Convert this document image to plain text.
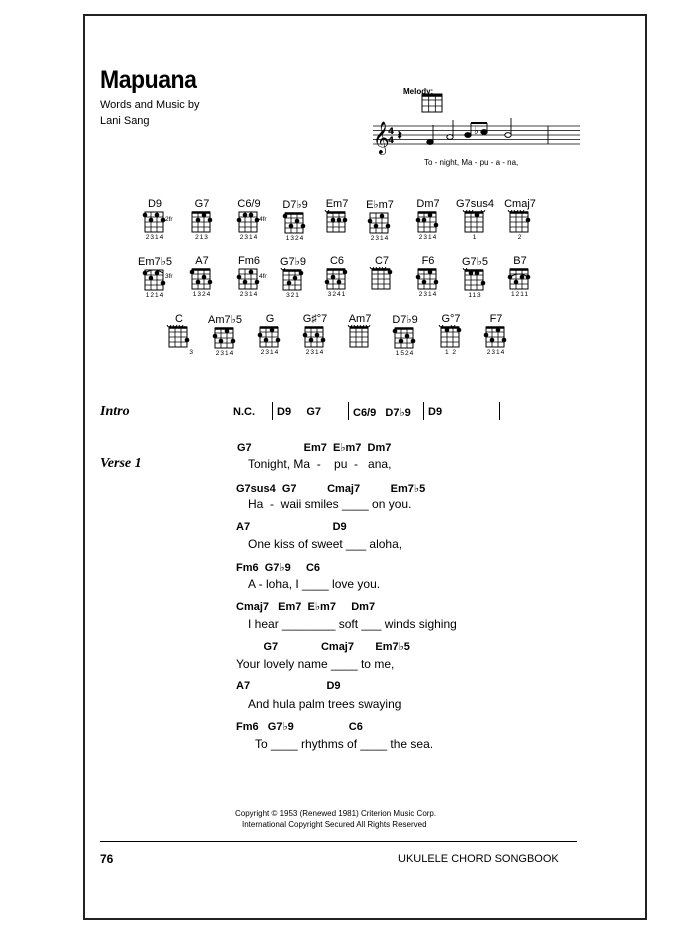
Mapuana
Words and Music by
Lani Sang
Melody:
𝄞
4
4 𝄽	♭
To - night, Ma - pu - a - na,
D9
2fr
2314
G7
213
C6/9
4fr
2314
D7♭9
1324
Em7	E♭m7
2314
Dm7
2314
G7sus4
1
Cmaj7
2
Em7♭5
3fr
1214
A7
1324
Fm6
4fr
2314
G7♭9
321
C6
3241
C7	F6
2314
G7♭5
113
B7
1211
C
3
Am7♭5
2314
G
2314
G♯°7
2314
Am7	D7♭9
1524
G°7
1 2
F7
2314
Intro	N.C. D9     G7	C6/9   D7♭9 D9
Verse 1
G7                 Em7  E♭m7  Dm7
Tonight, Ma  -    pu  -   ana,
G7sus4  G7          Cmaj7          Em7♭5
Ha  -  waii smiles ____ on you.
A7                           D9
One kiss of sweet ___ aloha,
Fm6  G7♭9     C6
A - loha, I ____ love you.
Cmaj7   Em7  E♭m7     Dm7
I hear ________ soft ___ winds sighing
G7              Cmaj7       Em7♭5
Your lovely name ____ to me,
A7                         D9
And hula palm trees swaying
Fm6   G7♭9                  C6
To ____ rhythms of ____ the sea.
Copyright © 1953 (Renewed 1981) Criterion Music Corp.
International Copyright Secured All Rights Reserved
76	UKULELE CHORD SONGBOOK
